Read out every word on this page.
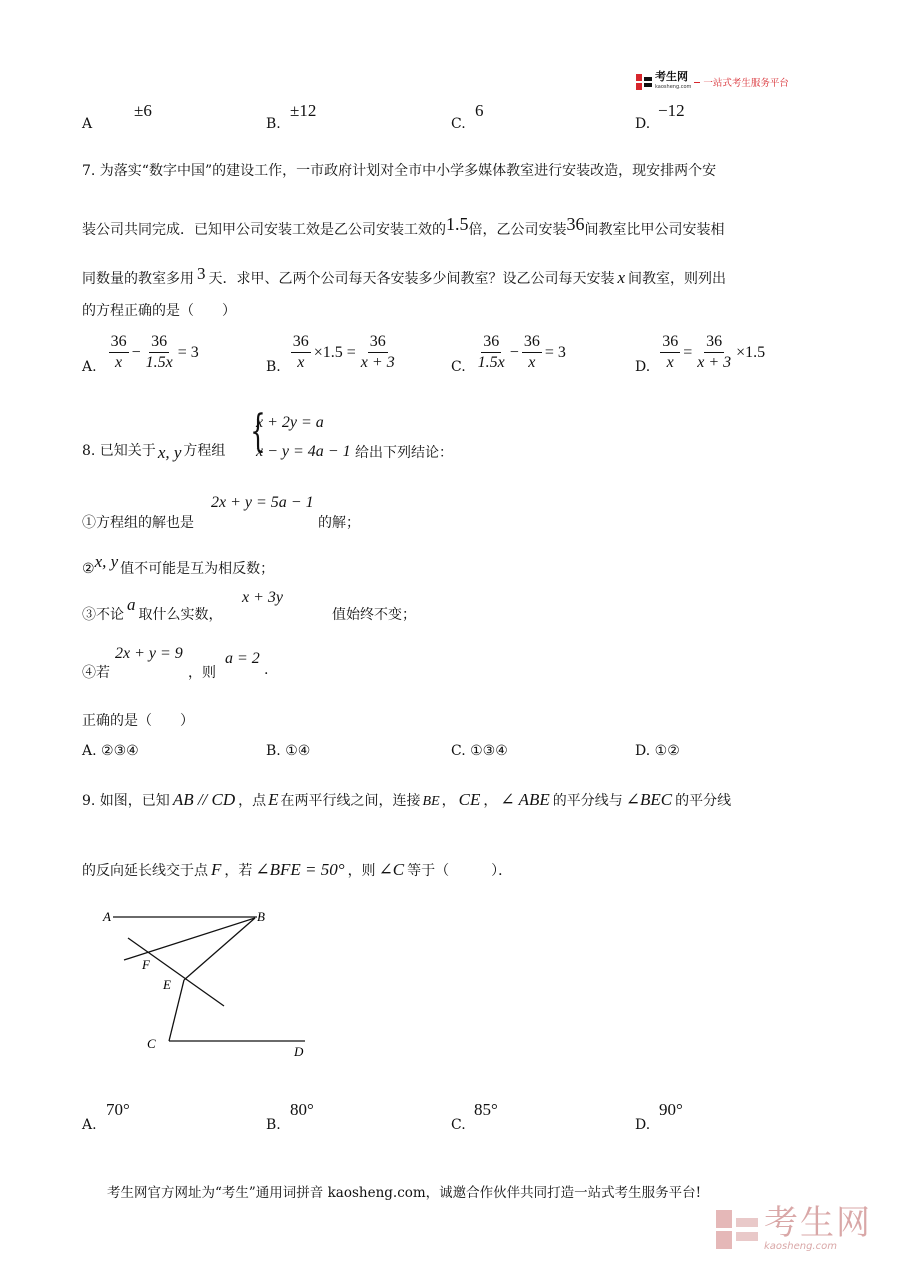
考生网
kaosheng.com 一站式考生服务平台
A
±6
B.
±12
C.
6
D.
−12
7. 为落实“数字中国”的建设工作，一市政府计划对全市中小学多媒体教室进行安装改造，现安排两个安
装公司共同完成．已知甲公司安装工效是乙公司安装工效的1.5倍，乙公司安装36间教室比甲公司安装相
同数量的教室多用 3 天．求甲、乙两个公司每天各安装多少间教室？设乙公司每天安装 x 间教室，则列出
的方程正确的是（　　）
A. $\frac{36}{x} - \frac{36}{1.5x} = 3$
B. $\frac{36}{x} \times 1.5 = \frac{36}{x + 3}$	C. $\frac{36}{1.5x} - \frac{36}{x} = 3$
D. $\frac{36}{x} = \frac{36}{x + 3} \times 1.5$
8. 已知关于 x, y 方程组 {
x + 2y = a
x − y = 4a − 1 给出下列结论：
①方程组的解也是
2x + y = 5a − 1
的解；
②x, y 值不可能是互为相反数；
③不论a取什么实数，
x + 3y
值始终不变；
④若
2x + y = 9
，则
a = 2
.
正确的是（　　）
A. ②③④	B. ①④	C. ①③④	D. ①②
9. 如图，已知 AB // CD ，点 E 在两平行线之间，连接 BE ， CE ， ∠ ABE 的平分线与 ∠BEC 的平分线
的反向延长线交于点 F ，若 ∠BFE = 50° ，则 ∠C 等于（　　　）．
A	B
F
E
C
D
A.
70°
B.
80°
C.
85°
D.
90°
考生网官方网址为“考生”通用词拼音 kaosheng.com，诚邀合作伙伴共同打造一站式考生服务平台!
考生网
kaosheng.com
